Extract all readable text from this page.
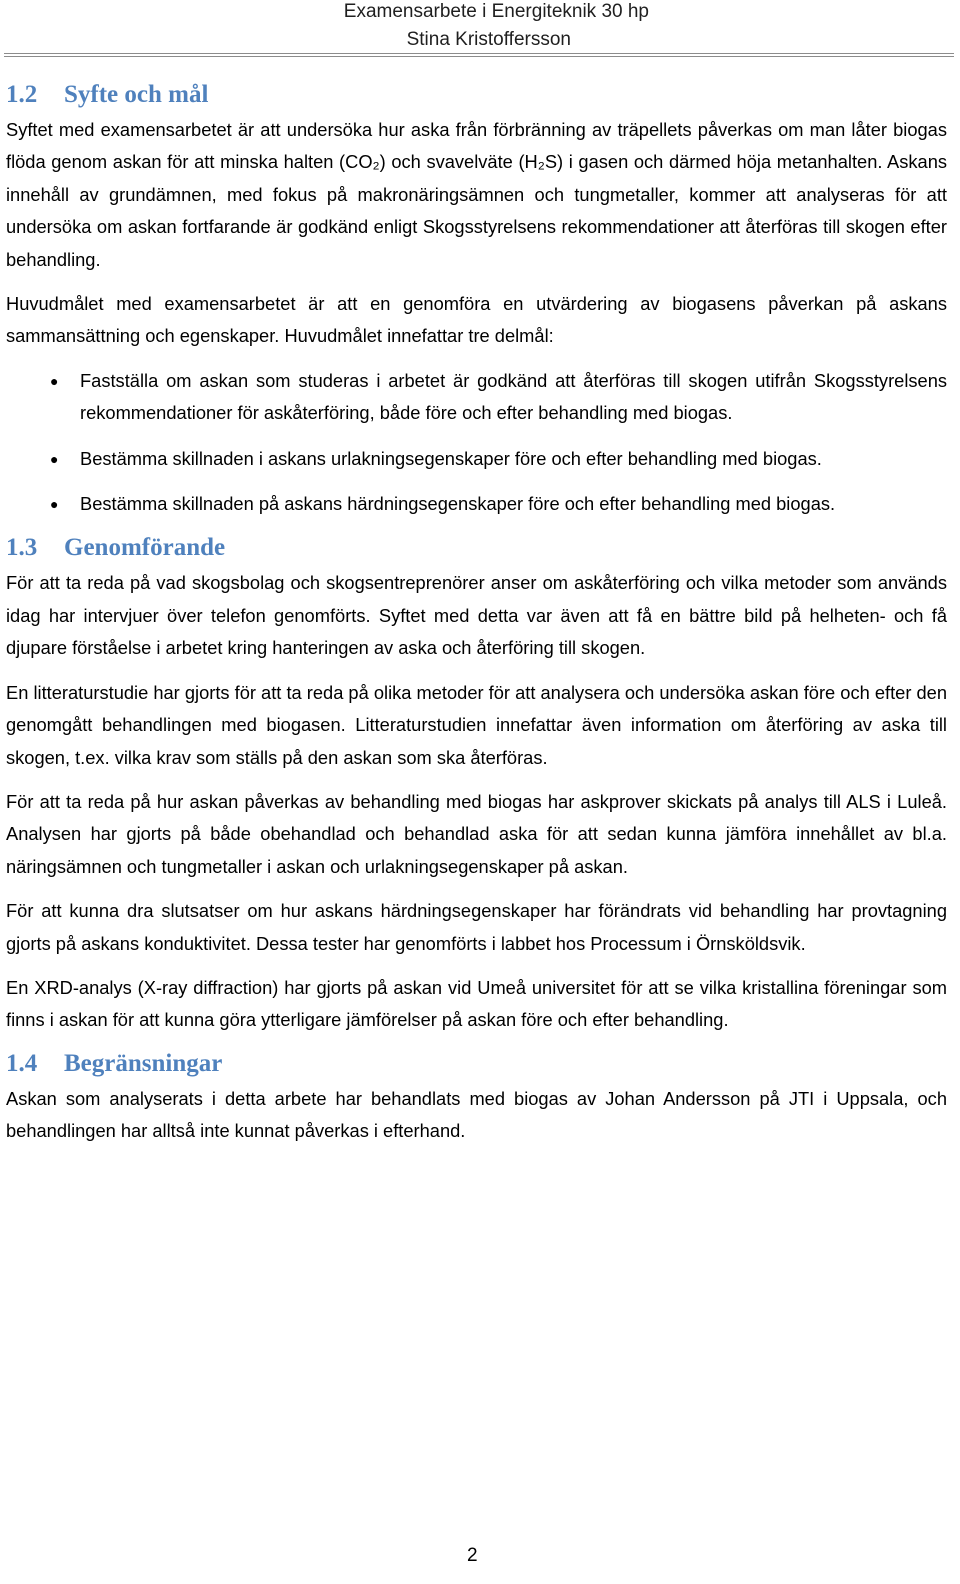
Examensarbete i Energiteknik 30 hp
Stina Kristoffersson
1.2 Syfte och mål

Syftet med examensarbetet är att undersöka hur aska från förbränning av träpellets påverkas om man låter biogas flöda genom askan för att minska halten (CO₂) och svavelväte (H₂S) i gasen och därmed höja metanhalten. Askans innehåll av grundämnen, med fokus på makronäringsämnen och tungmetaller, kommer att analyseras för att undersöka om askan fortfarande är godkänd enligt Skogsstyrelsens rekommendationer att återföras till skogen efter behandling.

Huvudmålet med examensarbetet är att en genomföra en utvärdering av biogasens påverkan på askans sammansättning och egenskaper. Huvudmålet innefattar tre delmål:

● Fastställa om askan som studeras i arbetet är godkänd att återföras till skogen utifrån Skogsstyrelsens rekommendationer för askåterföring, både före och efter behandling med biogas.
● Bestämma skillnaden i askans urlakningsegenskaper före och efter behandling med biogas.
● Bestämma skillnaden på askans härdningsegenskaper före och efter behandling med biogas.
1.3 Genomförande

För att ta reda på vad skogsbolag och skogsentreprenörer anser om askåterföring och vilka metoder som används idag har intervjuer över telefon genomförts. Syftet med detta var även att få en bättre bild på helheten- och få djupare förståelse i arbetet kring hanteringen av aska och återföring till skogen.

En litteraturstudie har gjorts för att ta reda på olika metoder för att analysera och undersöka askan före och efter den genomgått behandlingen med biogasen. Litteraturstudien innefattar även information om återföring av aska till skogen, t.ex. vilka krav som ställs på den askan som ska återföras.

För att ta reda på hur askan påverkas av behandling med biogas har askprover skickats på analys till ALS i Luleå. Analysen har gjorts på både obehandlad och behandlad aska för att sedan kunna jämföra innehållet av bl.a. näringsämnen och tungmetaller i askan och urlakningsegenskaper på askan.

För att kunna dra slutsatser om hur askans härdningsegenskaper har förändrats vid behandling har provtagning gjorts på askans konduktivitet. Dessa tester har genomförts i labbet hos Processum i Örnsköldsvik.

En XRD-analys (X-ray diffraction) har gjorts på askan vid Umeå universitet för att se vilka kristallina föreningar som finns i askan för att kunna göra ytterligare jämförelser på askan före och efter behandling.

1.4 Begränsningar

Askan som analyserats i detta arbete har behandlats med biogas av Johan Andersson på JTI i Uppsala, och behandlingen har alltså inte kunnat påverkas i efterhand.

2
